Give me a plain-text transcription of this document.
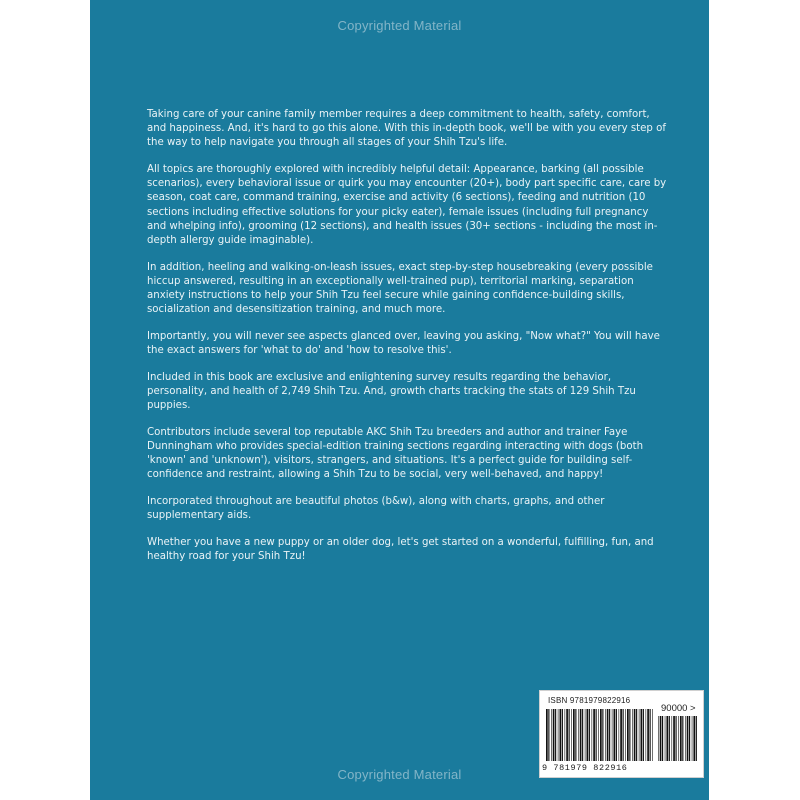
Copyrighted Material

Taking care of your canine family member requires a deep commitment to health, safety, comfort, and happiness. And, it's hard to go this alone. With this in-depth book, we'll be with you every step of the way to help navigate you through all stages of your Shih Tzu's life.

All topics are thoroughly explored with incredibly helpful detail: Appearance, barking (all possible scenarios), every behavioral issue or quirk you may encounter (20+), body part specific care, care by season, coat care, command training, exercise and activity (6 sections), feeding and nutrition (10 sections including effective solutions for your picky eater), female issues (including full pregnancy and whelping info), grooming (12 sections), and health issues (30+ sections - including the most in-depth allergy guide imaginable).

In addition, heeling and walking-on-leash issues, exact step-by-step housebreaking (every possible hiccup answered, resulting in an exceptionally well-trained pup), territorial marking, separation anxiety instructions to help your Shih Tzu feel secure while gaining confidence-building skills, socialization and desensitization training, and much more.

Importantly, you will never see aspects glanced over, leaving you asking, "Now what?" You will have the exact answers for 'what to do' and 'how to resolve this'.

Included in this book are exclusive and enlightening survey results regarding the behavior, personality, and health of 2,749 Shih Tzu. And, growth charts tracking the stats of 129 Shih Tzu puppies.

Contributors include several top reputable AKC Shih Tzu breeders and author and trainer Faye Dunningham who provides special-edition training sections regarding interacting with dogs (both 'known' and 'unknown'), visitors, strangers, and situations. It's a perfect guide for building self-confidence and restraint, allowing a Shih Tzu to be social, very well-behaved, and happy!

Incorporated throughout are beautiful photos (b&w), along with charts, graphs, and other supplementary aids.

Whether you have a new puppy or an older dog, let's get started on a wonderful, fulfilling, fun, and healthy road for your Shih Tzu!

ISBN 9781979822916
90000 >
9 781979 822916
Copyrighted Material
